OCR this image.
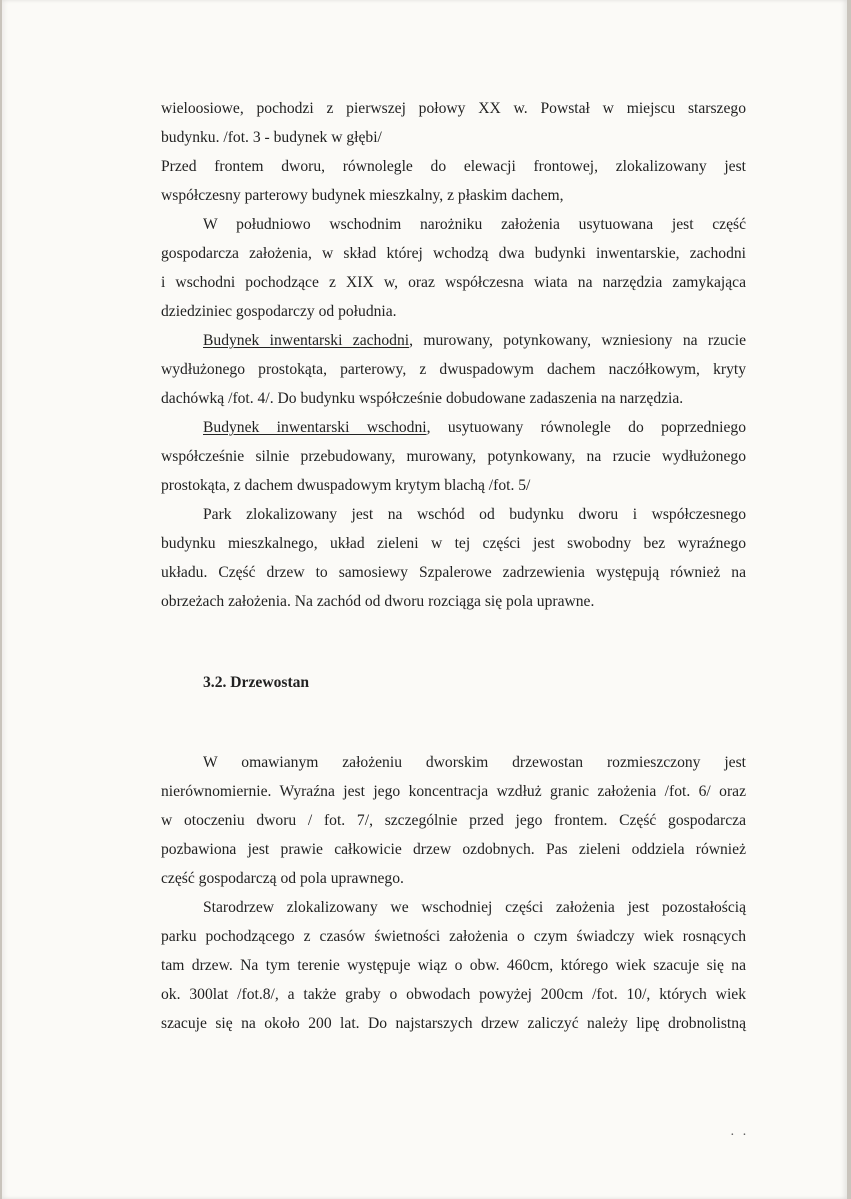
wieloosiowe, pochodzi z pierwszej połowy XX w. Powstał w miejscu starszego
budynku. /fot. 3 - budynek w głębi/
Przed frontem dworu, równolegle do elewacji frontowej, zlokalizowany jest
współczesny parterowy budynek mieszkalny, z płaskim dachem,
W południowo wschodnim narożniku założenia usytuowana jest część
gospodarcza założenia, w skład której wchodzą dwa budynki inwentarskie, zachodni
i wschodni pochodzące z XIX w, oraz współczesna wiata na narzędzia zamykająca
dziedziniec gospodarczy od południa.
Budynek inwentarski zachodni, murowany, potynkowany, wzniesiony na rzucie
wydłużonego prostokąta, parterowy, z dwuspadowym dachem naczółkowym, kryty
dachówką /fot. 4/. Do budynku współcześnie dobudowane zadaszenia na narzędzia.
Budynek inwentarski wschodni, usytuowany równolegle do poprzedniego
współcześnie silnie przebudowany, murowany, potynkowany, na rzucie wydłużonego
prostokąta, z dachem dwuspadowym krytym blachą /fot. 5/
Park zlokalizowany jest na wschód od budynku dworu i współczesnego
budynku mieszkalnego, układ zieleni w tej części jest swobodny bez wyraźnego
układu. Część drzew to samosiewy Szpalerowe zadrzewienia występują również na
obrzeżach założenia. Na zachód od dworu rozciąga się pola uprawne.
3.2. Drzewostan
W omawianym założeniu dworskim drzewostan rozmieszczony jest
nierównomiernie. Wyraźna jest jego koncentracja wzdłuż granic założenia /fot. 6/ oraz
w otoczeniu dworu / fot. 7/, szczególnie przed jego frontem. Część gospodarcza
pozbawiona jest prawie całkowicie drzew ozdobnych. Pas zieleni oddziela również
część gospodarczą od pola uprawnego.
Starodrzew zlokalizowany we wschodniej części założenia jest pozostałością
parku pochodzącego z czasów świetności założenia o czym świadczy wiek rosnących
tam drzew. Na tym terenie występuje wiąz o obw. 460cm, którego wiek szacuje się na
ok. 300lat /fot.8/, a także graby o obwodach powyżej 200cm /fot. 10/, których wiek
szacuje się na około 200 lat. Do najstarszych drzew zaliczyć należy lipę drobnolistną
· ·
